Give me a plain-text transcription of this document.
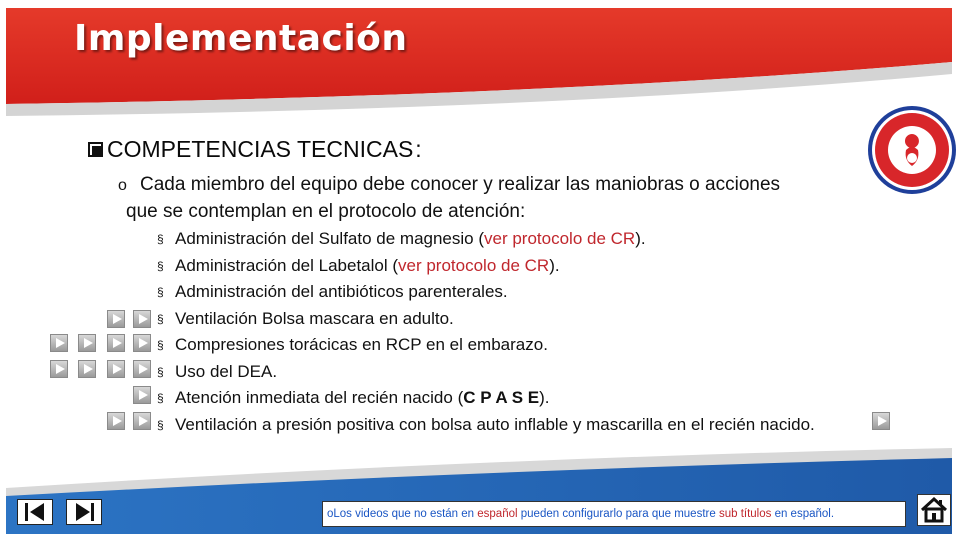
Implementación
COMPETENCIAS TECNICAS :
o Cada miembro del equipo debe conocer y realizar las maniobras o acciones
que se contemplan en el protocolo de atención:
§ Administración del Sulfato de magnesio (ver protocolo de CR).
§ Administración del Labetalol (ver protocolo de CR).
§ Administración del antibióticos parenterales.
§ Ventilación Bolsa mascara en adulto.
§ Compresiones torácicas en RCP en el embarazo.
§ Uso del DEA.
§ Atención inmediata del recién nacido (C P A S E).
§ Ventilación a presión positiva con bolsa auto inflable y mascarilla en el recién nacido.
oLos videos que no están en español pueden configurarlo para que muestre sub títulos en español.
